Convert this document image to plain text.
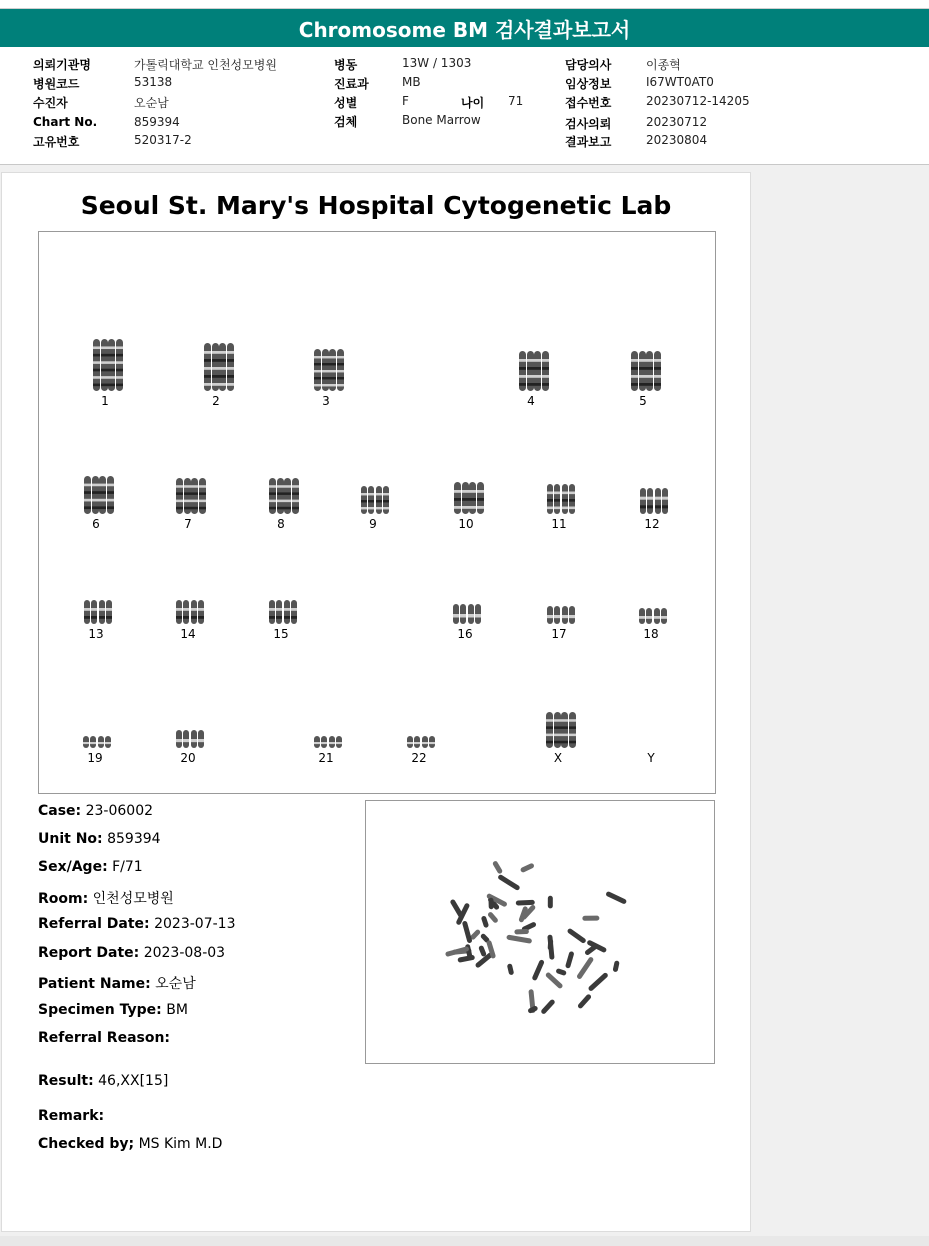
Chromosome BM 검사결과보고서
의뢰기관명	가톨릭대학교 인천성모병원
병원코드	53138
수진자	오순남
Chart No.	859394
고유번호	520317-2
병동	13W / 1303
진료과	MB
성별	F	나이 71
검체	Bone Marrow
담당의사	이종혁
임상정보	I67WT0AT0
접수번호	20230712-14205
검사의뢰	20230712
결과보고	20230804
Seoul St. Mary's Hospital Cytogenetic Lab
1	2	3	4	5
6	7	8	9	10	11	12
13	14	15	16	17	18
19	20	21	22	X	Y
Case: 23-06002
Unit No: 859394
Sex/Age: F/71
Room: 인천성모병원
Referral Date: 2023-07-13
Report Date: 2023-08-03
Patient Name: 오순남
Specimen Type: BM
Referral Reason:
Result: 46,XX[15]
Remark:
Checked by; MS Kim M.D
